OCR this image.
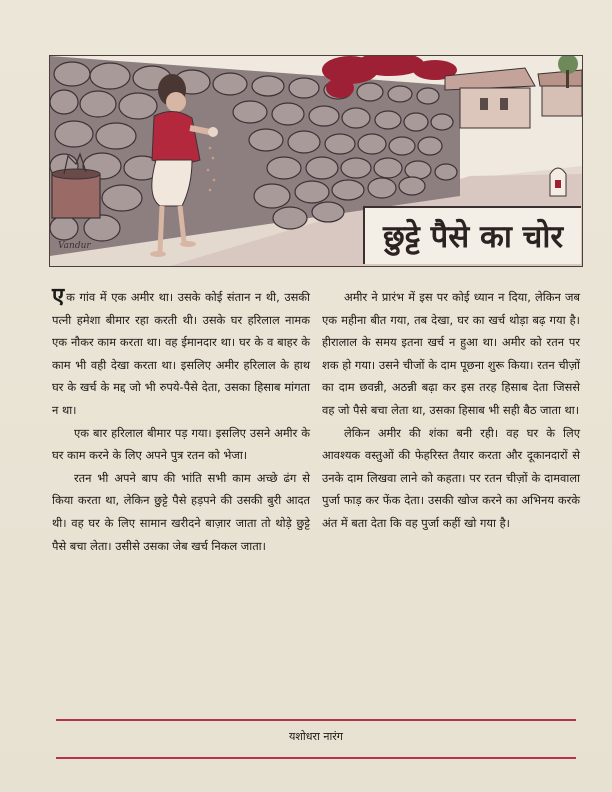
Vandur	छुट्टे पैसे का चोर

एक गांव में एक अमीर था। उसके कोई संतान न थी, उसकी पत्नी हमेशा बीमार रहा करती थी। उसके घर हरिलाल नामक एक नौकर काम करता था। वह ईमानदार था। घर के व बाहर के काम भी वही देखा करता था। इसलिए अमीर हरिलाल के हाथ घर के खर्च के मद्द जो भी रुपये-पैसे देता, उसका हिसाब मांगता न था।

एक बार हरिलाल बीमार पड़ गया। इसलिए उसने अमीर के घर काम करने के लिए अपने पुत्र रतन को भेजा।

रतन भी अपने बाप की भांति सभी काम अच्छे ढंग से किया करता था, लेकिन छुट्टे पैसे हड़पने की उसकी बुरी आदत थी। वह घर के लिए सामान खरीदने बाज़ार जाता तो थोड़े छुट्टे पैसे बचा लेता। उसीसे उसका जेब खर्च निकल जाता।

अमीर ने प्रारंभ में इस पर कोई ध्यान न दिया, लेकिन जब एक महीना बीत गया, तब देखा, घर का खर्च थोड़ा बढ़ गया है। हीरालाल के समय इतना खर्च न हुआ था। अमीर को रतन पर शक हो गया। उसने चीजों के दाम पूछना शुरू किया। रतन चीज़ों का दाम छवन्नी, अठन्नी बढ़ा कर इस तरह हिसाब देता जिससे वह जो पैसे बचा लेता था, उसका हिसाब भी सही बैठ जाता था।

लेकिन अमीर की शंका बनी रही। वह घर के लिए आवश्यक वस्तुओं की फेहरिस्त तैयार करता और दूकानदारों से उनके दाम लिखवा लाने को कहता। पर रतन चीज़ों के दामवाला पुर्जा फाड़ कर फेंक देता। उसकी खोज करने का अभिनय करके अंत में बता देता कि वह पुर्जा कहीं खो गया है।

यशोधरा नारंग
